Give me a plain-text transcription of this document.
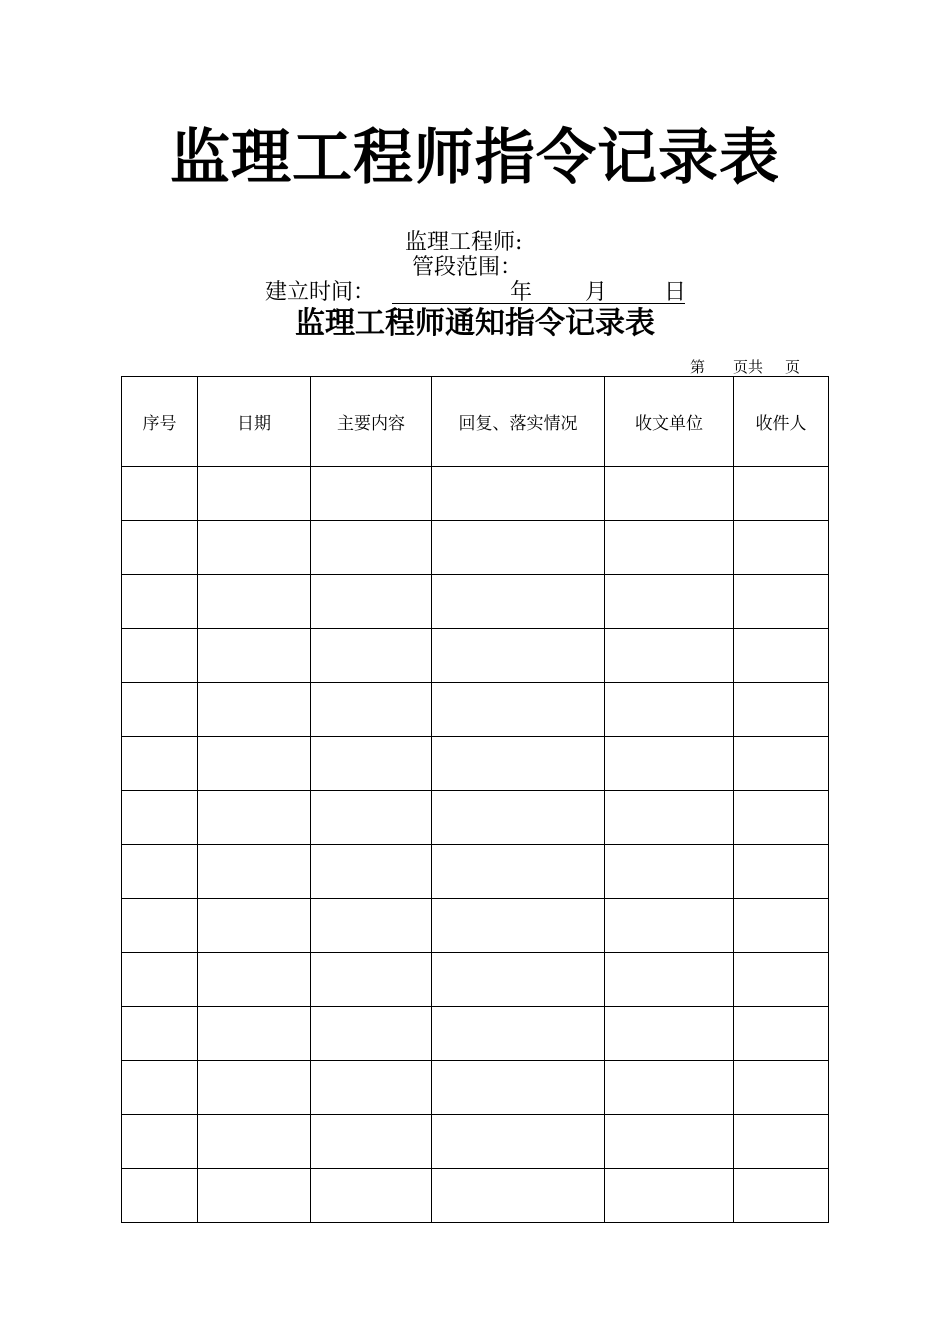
监理工程师指令记录表
监理工程师:
管段范围：
建立时间：	年 月	日
监理工程师通知指令记录表
第 页共 页
序号	日期	主要内容	回复、落实情况	收文单位	收件人
